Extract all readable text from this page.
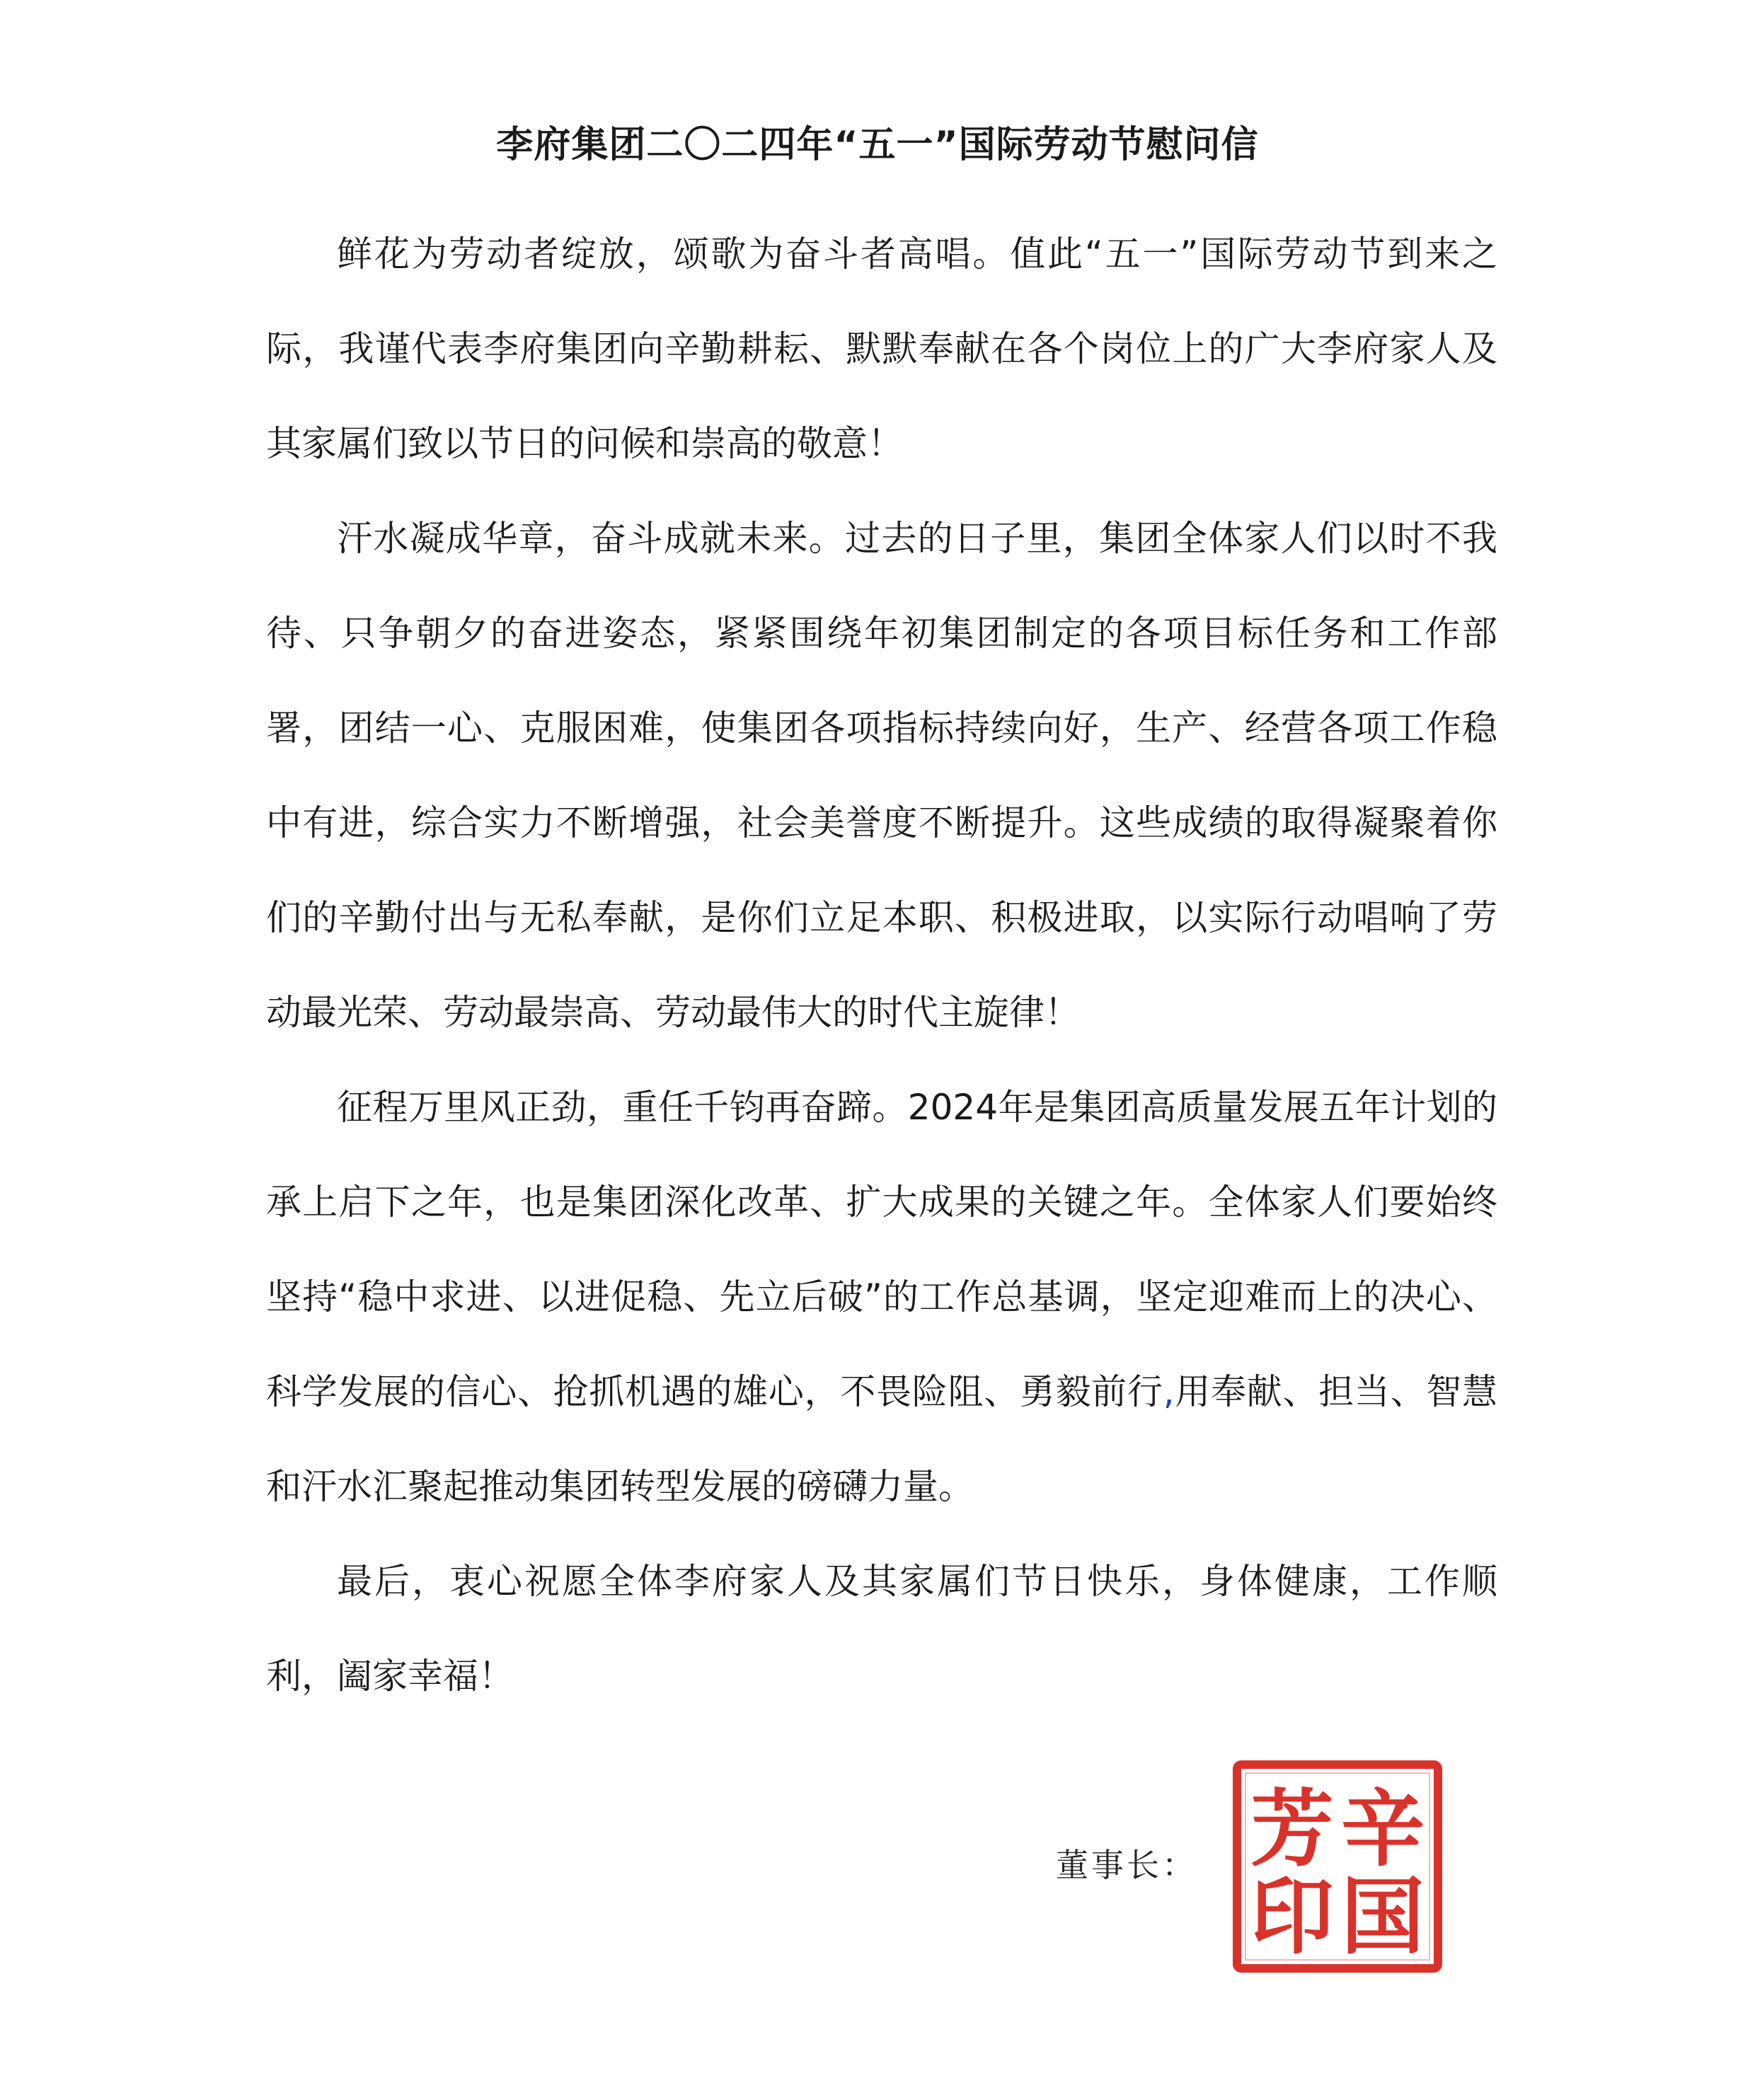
李府集团二〇二四年“五一”国际劳动节慰问信

鲜花为劳动者绽放，颂歌为奋斗者高唱。值此“五一”国际劳动节到来之际，我谨代表李府集团向辛勤耕耘、默默奉献在各个岗位上的广大李府家人及其家属们致以节日的问候和崇高的敬意！

汗水凝成华章，奋斗成就未来。过去的日子里，集团全体家人们以时不我待、只争朝夕的奋进姿态，紧紧围绕年初集团制定的各项目标任务和工作部署，团结一心、克服困难，使集团各项指标持续向好，生产、经营各项工作稳中有进，综合实力不断增强，社会美誉度不断提升。这些成绩的取得凝聚着你们的辛勤付出与无私奉献，是你们立足本职、积极进取，以实际行动唱响了劳动最光荣、劳动最崇高、劳动最伟大的时代主旋律！

征程万里风正劲，重任千钧再奋蹄。2024年是集团高质量发展五年计划的承上启下之年，也是集团深化改革、扩大成果的关键之年。全体家人们要始终坚持“稳中求进、以进促稳、先立后破”的工作总基调，坚定迎难而上的决心、科学发展的信心、抢抓机遇的雄心，不畏险阻、勇毅前行,用奉献、担当、智慧和汗水汇聚起推动集团转型发展的磅礴力量。

最后，衷心祝愿全体李府家人及其家属们节日快乐，身体健康，工作顺利，阖家幸福！

董事长： 辛
国
芳
印
